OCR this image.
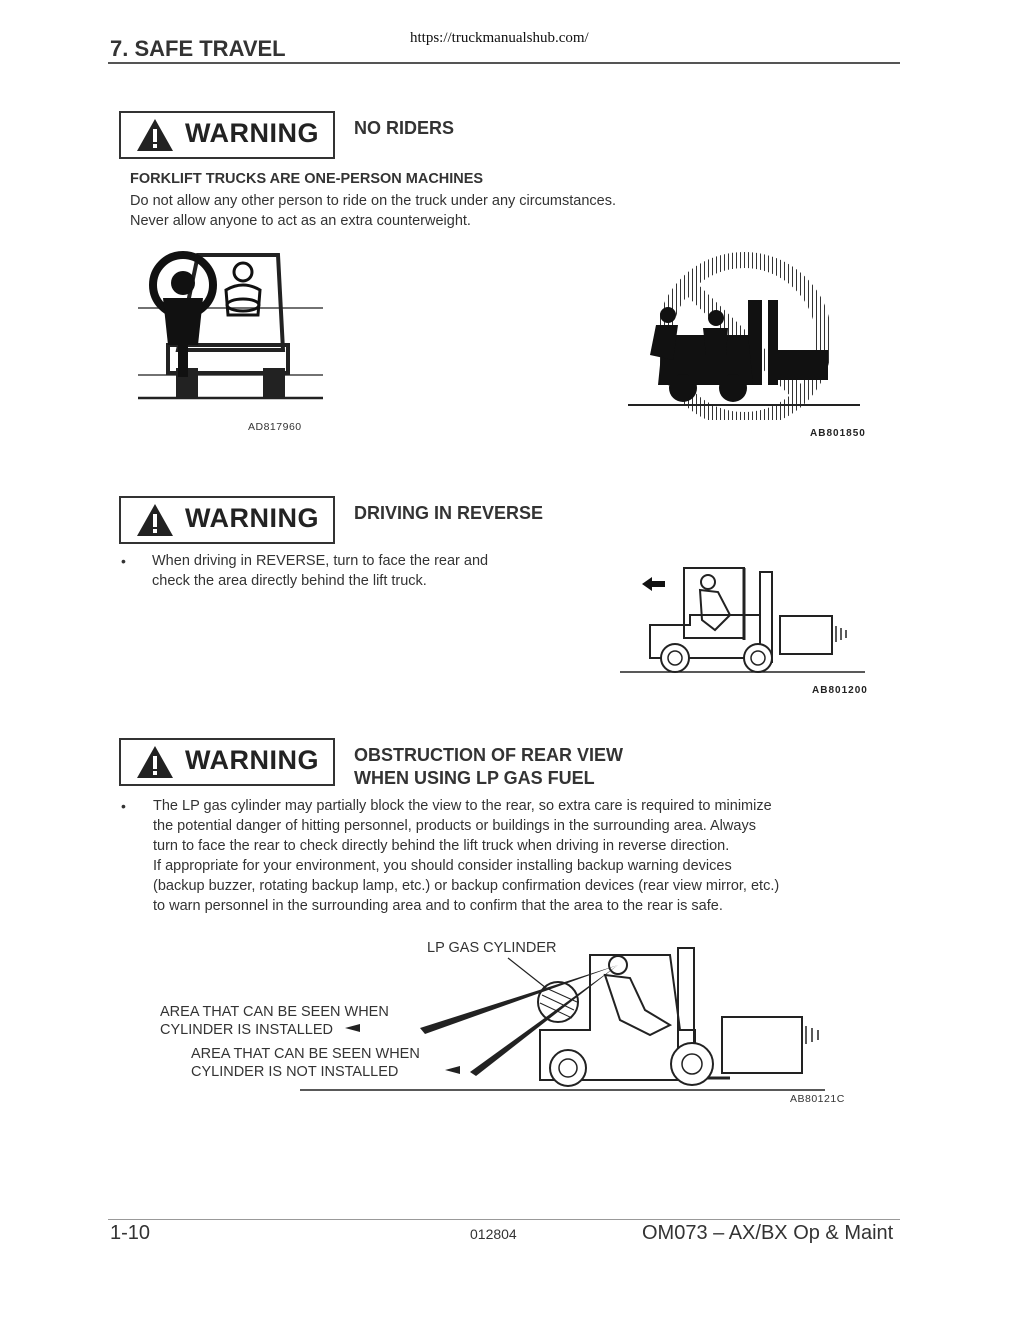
https://truckmanualshub.com/
7. SAFE TRAVEL
WARNING NO RIDERS
FORKLIFT TRUCKS ARE ONE-PERSON MACHINES
Do not allow any other person to ride on the truck under any circumstances.
Never allow anyone to act as an extra counterweight.
AD817960
AB801850
WARNING DRIVING IN REVERSE
• When driving in REVERSE, turn to face the rear and
check the area directly behind the lift truck.
AB801200
WARNING OBSTRUCTION OF REAR VIEW
WHEN USING LP GAS FUEL
• The LP gas cylinder may partially block the view to the rear, so extra care is required to minimize
the potential danger of hitting personnel, products or buildings in the surrounding area. Always
turn to face the rear to check directly behind the lift truck when driving in reverse direction.
If appropriate for your environment, you should consider installing backup warning devices
(backup buzzer, rotating backup lamp, etc.) or backup confirmation devices (rear view mirror, etc.)
to warn personnel in the surrounding area and to confirm that the area to the rear is safe.
LP GAS CYLINDER
AREA THAT CAN BE SEEN WHEN
CYLINDER IS INSTALLED
AREA THAT CAN BE SEEN WHEN
CYLINDER IS NOT INSTALLED
AB80121C
1-10	012804	OM073 – AX/BX Op & Maint
